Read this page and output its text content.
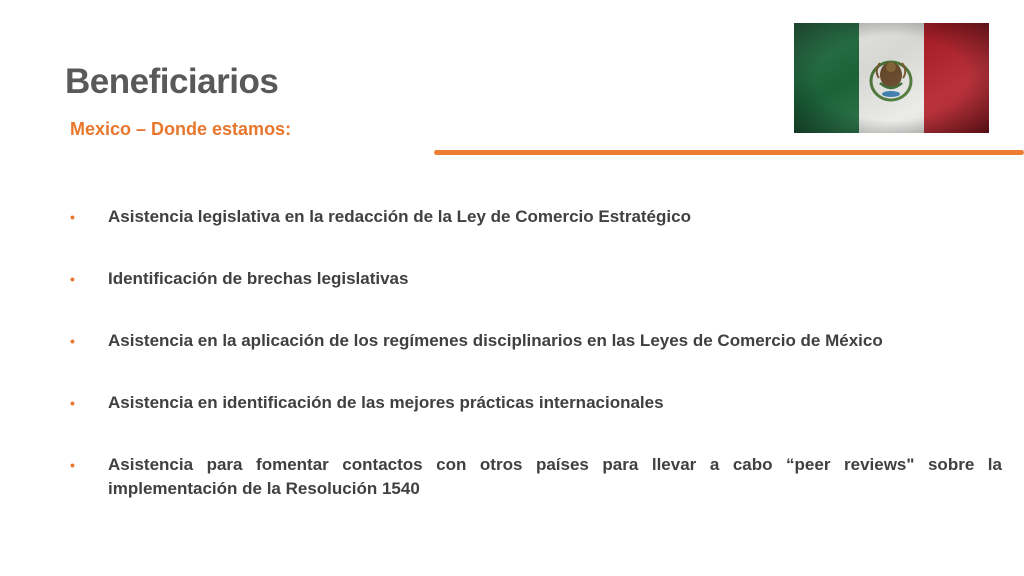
Beneficiarios
Mexico – Donde estamos:
• Asistencia legislativa en la redacción de la Ley de Comercio Estratégico
• Identificación de brechas legislativas
• Asistencia en la aplicación de los regímenes disciplinarios en las Leyes de Comercio de México
• Asistencia en identificación de las mejores prácticas internacionales
• Asistencia para fomentar contactos con otros países para llevar a cabo “peer reviews" sobre la implementación de la Resolución 1540
